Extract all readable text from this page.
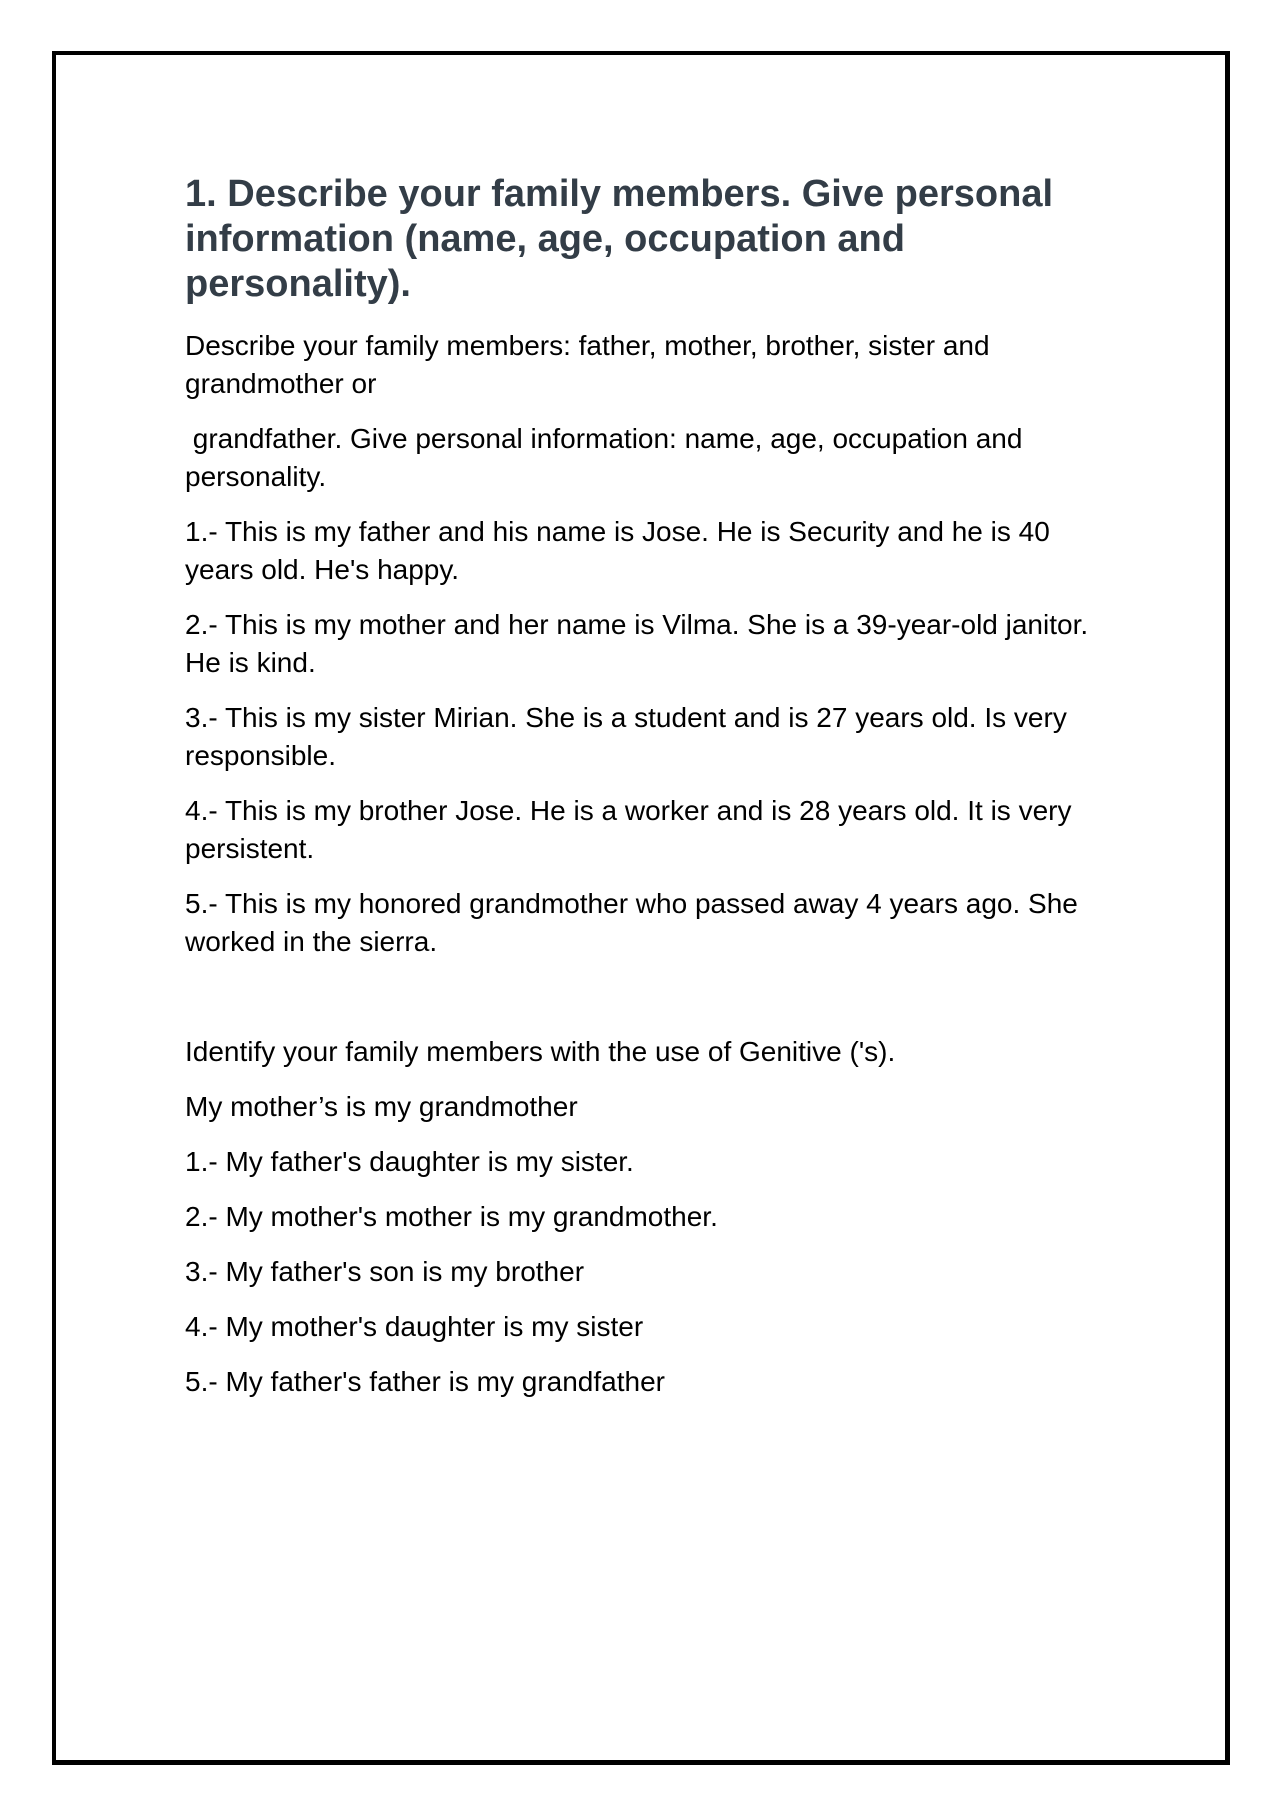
1. Describe your family members. Give personal information (name, age, occupation and personality).

Describe your family members: father, mother, brother, sister and grandmother or

grandfather. Give personal information: name, age, occupation and personality.

1.- This is my father and his name is Jose. He is Security and he is 40 years old. He's happy.

2.- This is my mother and her name is Vilma. She is a 39-year-old janitor. He is kind.

3.- This is my sister Mirian. She is a student and is 27 years old. Is very responsible.

4.- This is my brother Jose. He is a worker and is 28 years old. It is very persistent.

5.- This is my honored grandmother who passed away 4 years ago. She worked in the sierra.

Identify your family members with the use of Genitive ('s).

My mother’s is my grandmother

1.- My father's daughter is my sister.

2.- My mother's mother is my grandmother.

3.- My father's son is my brother

4.- My mother's daughter is my sister

5.- My father's father is my grandfather
